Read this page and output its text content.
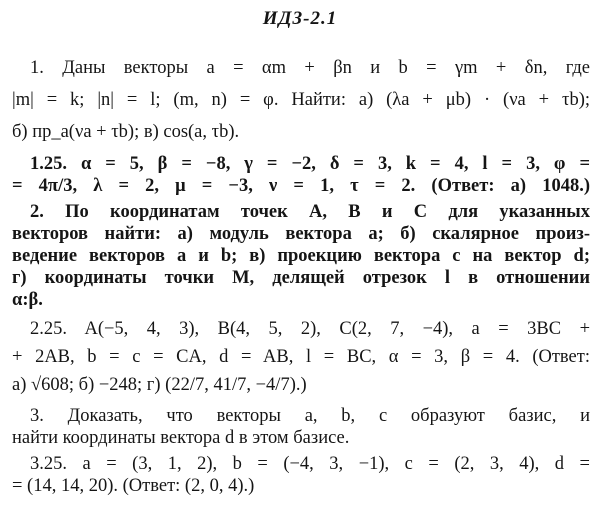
ИДЗ-2.1
1. Даны векторы a = αm + βn и b = γm + δn, где
|m| = k; |n| = l; (m, n) = φ. Найти: а) (λa + μb) · (νa + τb);
б) пр_a(νa + τb); в) cos(a, τb).
1.25. α = 5, β = −8, γ = −2, δ = 3, k = 4, l = 3, φ =
= 4π/3, λ = 2, μ = −3, ν = 1, τ = 2. (Ответ: а) 1048.)
2. По координатам точек A, B и C для указанных
векторов найти: а) модуль вектора a; б) скалярное произ-
ведение векторов a и b; в) проекцию вектора c на вектор d;
г) координаты точки M, делящей отрезок l в отношении
α:β.
2.25. A(−5, 4, 3), B(4, 5, 2), C(2, 7, −4), a = 3BC +
+ 2AB, b = c = CA, d = AB, l = BC, α = 3, β = 4. (Ответ:
а) √608; б) −248; г) (22/7, 41/7, −4/7).)
3. Доказать, что векторы a, b, c образуют базис, и
найти координаты вектора d в этом базисе.
3.25. a = (3, 1, 2), b = (−4, 3, −1), c = (2, 3, 4), d =
= (14, 14, 20). (Ответ: (2, 0, 4).)
